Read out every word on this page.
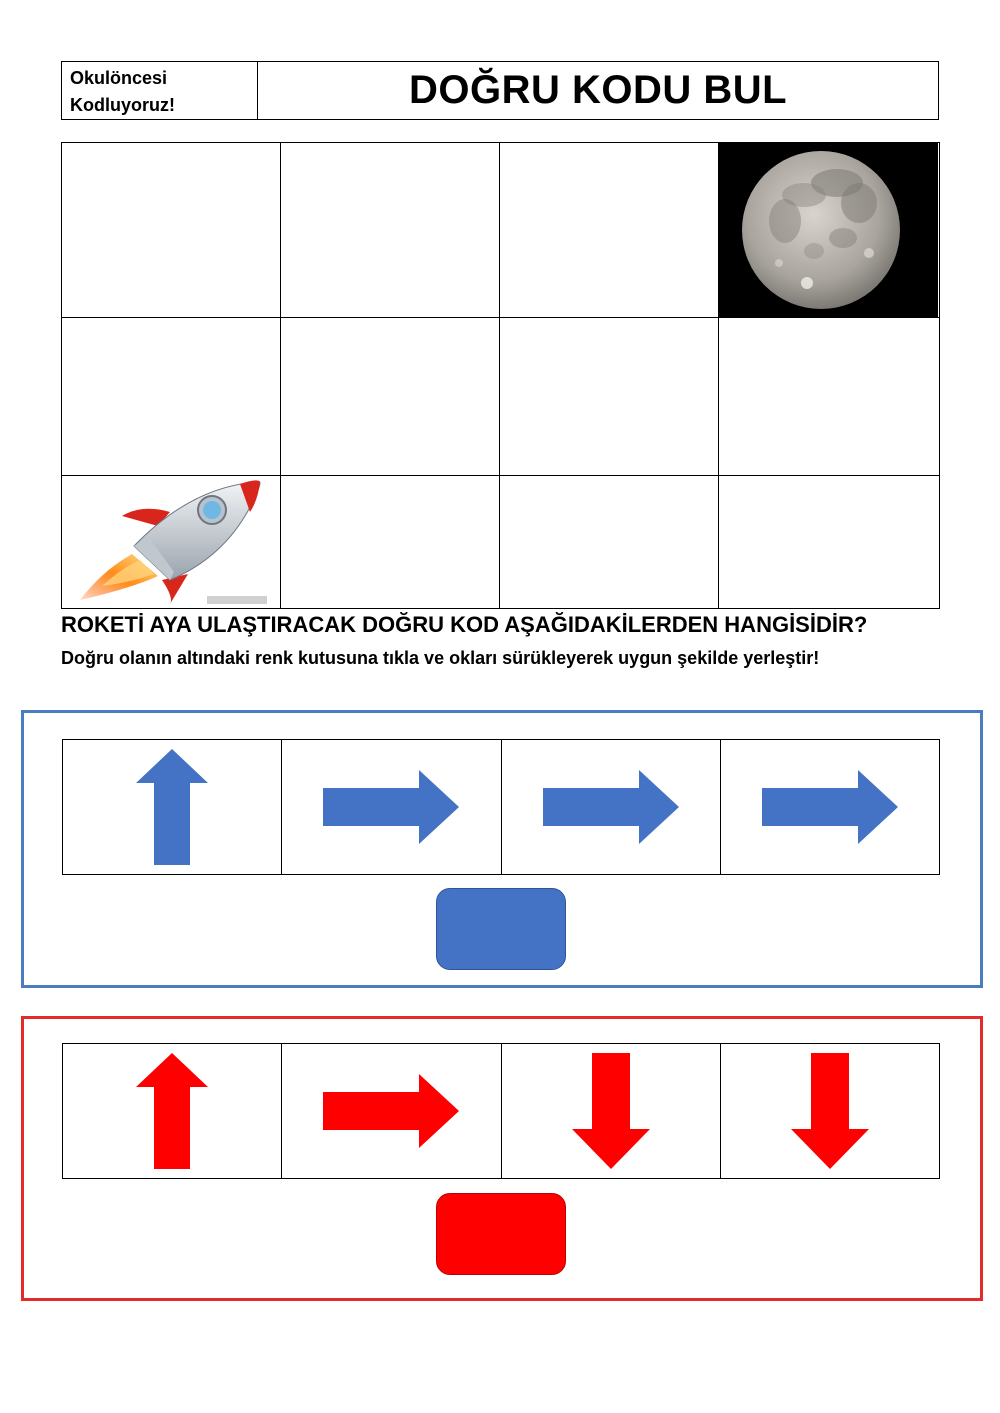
Okulöncesi
Kodluyoruz!	DOĞRU KODU BUL
ROKETİ AYA ULAŞTIRACAK DOĞRU KOD AŞAĞIDAKİLERDEN HANGİSİDİR?
Doğru olanın altındaki renk kutusuna tıkla ve okları sürükleyerek uygun şekilde yerleştir!
